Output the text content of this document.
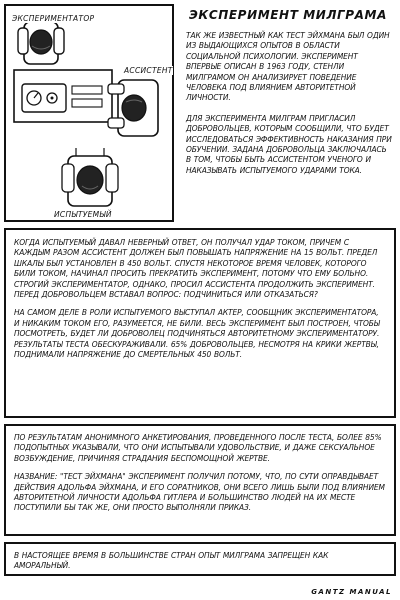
ЭКСПЕРИМЕНТАТОР
АССИСТЕНТ
ИСПЫТУЕМЫЙ
ЭКСПЕРИМЕНТ МИЛГРАМА

ТАК ЖЕ ИЗВЕСТНЫЙ КАК ТЕСТ ЭЙХМАНА БЫЛ ОДИН ИЗ ВЫДАЮЩИХСЯ ОПЫТОВ В ОБЛАСТИ СОЦИАЛЬНОЙ ПСИХОЛОГИИ. ЭКСПЕРИМЕНТ ВПЕРВЫЕ ОПИСАН В 1963 ГОДУ, СТЕНЛИ МИЛГРАМОМ ОН АНАЛИЗИРУЕТ ПОВЕДЕНИЕ ЧЕЛОВЕКА ПОД ВЛИЯНИЕМ АВТОРИТЕТНОЙ ЛИЧНОСТИ.

ДЛЯ ЭКСПЕРИМЕНТА МИЛГРАМ ПРИГЛАСИЛ ДОБРОВОЛЬЦЕВ, КОТОРЫМ СООБЩИЛИ, ЧТО БУДЕТ ИССЛЕДОВАТЬСЯ ЭФФЕКТИВНОСТЬ НАКАЗАНИЯ ПРИ ОБУЧЕНИИ. ЗАДАНА ДОБРОВОЛЬЦА ЗАКЛЮЧАЛАСЬ В ТОМ, ЧТОБЫ БЫТЬ АССИСТЕНТОМ УЧЕНОГО И НАКАЗЫВАТЬ ИСПЫТУЕМОГО УДАРАМИ ТОКА.

КОГДА ИСПЫТУЕМЫЙ ДАВАЛ НЕВЕРНЫЙ ОТВЕТ, ОН ПОЛУЧАЛ УДАР ТОКОМ, ПРИЧЕМ С КАЖДЫМ РАЗОМ АССИСТЕНТ ДОЛЖЕН БЫЛ ПОВЫШАТЬ НАПРЯЖЕНИЕ НА 15 ВОЛЬТ. ПРЕДЕЛ ШКАЛЫ БЫЛ УСТАНОВЛЕН В 450 ВОЛЬТ. СПУСТЯ НЕКОТОРОЕ ВРЕМЯ ЧЕЛОВЕК, КОТОРОГО БИЛИ ТОКОМ, НАЧИНАЛ ПРОСИТЬ ПРЕКРАТИТЬ ЭКСПЕРИМЕНТ, ПОТОМУ ЧТО ЕМУ БОЛЬНО. СТРОГИЙ ЭКСПЕРИМЕНТАТОР, ОДНАКО, ПРОСИЛ АССИСТЕНТА ПРОДОЛЖИТЬ ЭКСПЕРИМЕНТ. ПЕРЕД ДОБРОВОЛЬЦЕМ ВСТАВАЛ ВОПРОС: ПОДЧИНИТЬСЯ ИЛИ ОТКАЗАТЬСЯ?

НА САМОМ ДЕЛЕ В РОЛИ ИСПЫТУЕМОГО ВЫСТУПАЛ АКТЕР, СООБЩНИК ЭКСПЕРИМЕНТАТОРА, И НИКАКИМ ТОКОМ ЕГО, РАЗУМЕЕТСЯ, НЕ БИЛИ. ВЕСЬ ЭКСПЕРИМЕНТ БЫЛ ПОСТРОЕН, ЧТОБЫ ПОСМОТРЕТЬ, БУДЕТ ЛИ ДОБРОВОЛЕЦ ПОДЧИНЯТЬСЯ АВТОРИТЕТНОМУ ЭКСПЕРИМЕНТАТОРУ. РЕЗУЛЬТАТЫ ТЕСТА ОБЕСКУРАЖИВАЛИ. 65% ДОБРОВОЛЬЦЕВ, НЕСМОТРЯ НА КРИКИ ЖЕРТВЫ, ПОДНИМАЛИ НАПРЯЖЕНИЕ ДО СМЕРТЕЛЬНЫХ 450 ВОЛЬТ.

ПО РЕЗУЛЬТАТАМ АНОНИМНОГО АНКЕТИРОВАНИЯ, ПРОВЕДЕННОГО ПОСЛЕ ТЕСТА, БОЛЕЕ 85% ПОДОПЫТНЫХ УКАЗЫВАЛИ, ЧТО ОНИ ИСПЫТЫВАЛИ УДОВОЛЬСТВИЕ, И ДАЖЕ СЕКСУАЛЬНОЕ ВОЗБУЖДЕНИЕ, ПРИЧИНЯЯ СТРАДАНИЯ БЕСПОМОЩНОЙ ЖЕРТВЕ.

НАЗВАНИЕ: "ТЕСТ ЭЙХМАНА" ЭКСПЕРИМЕНТ ПОЛУЧИЛ ПОТОМУ, ЧТО, ПО СУТИ ОПРАВДЫВАЕТ ДЕЙСТВИЯ АДОЛЬФА ЭЙХМАНА, И ЕГО СОРАТНИКОВ, ОНИ ВСЕГО ЛИШЬ БЫЛИ ПОД ВЛИЯНИЕМ АВТОРИТЕТНОЙ ЛИЧНОСТИ АДОЛЬФА ГИТЛЕРА И БОЛЬШИНСТВО ЛЮДЕЙ НА ИХ МЕСТЕ ПОСТУПИЛИ БЫ ТАК ЖЕ, ОНИ ПРОСТО ВЫПОЛНЯЛИ ПРИКАЗ.

В НАСТОЯЩЕЕ ВРЕМЯ В БОЛЬШИНСТВЕ СТРАН ОПЫТ МИЛГРАМА ЗАПРЕЩЕН КАК АМОРАЛЬНЫЙ.

GANTZ MANUAL
